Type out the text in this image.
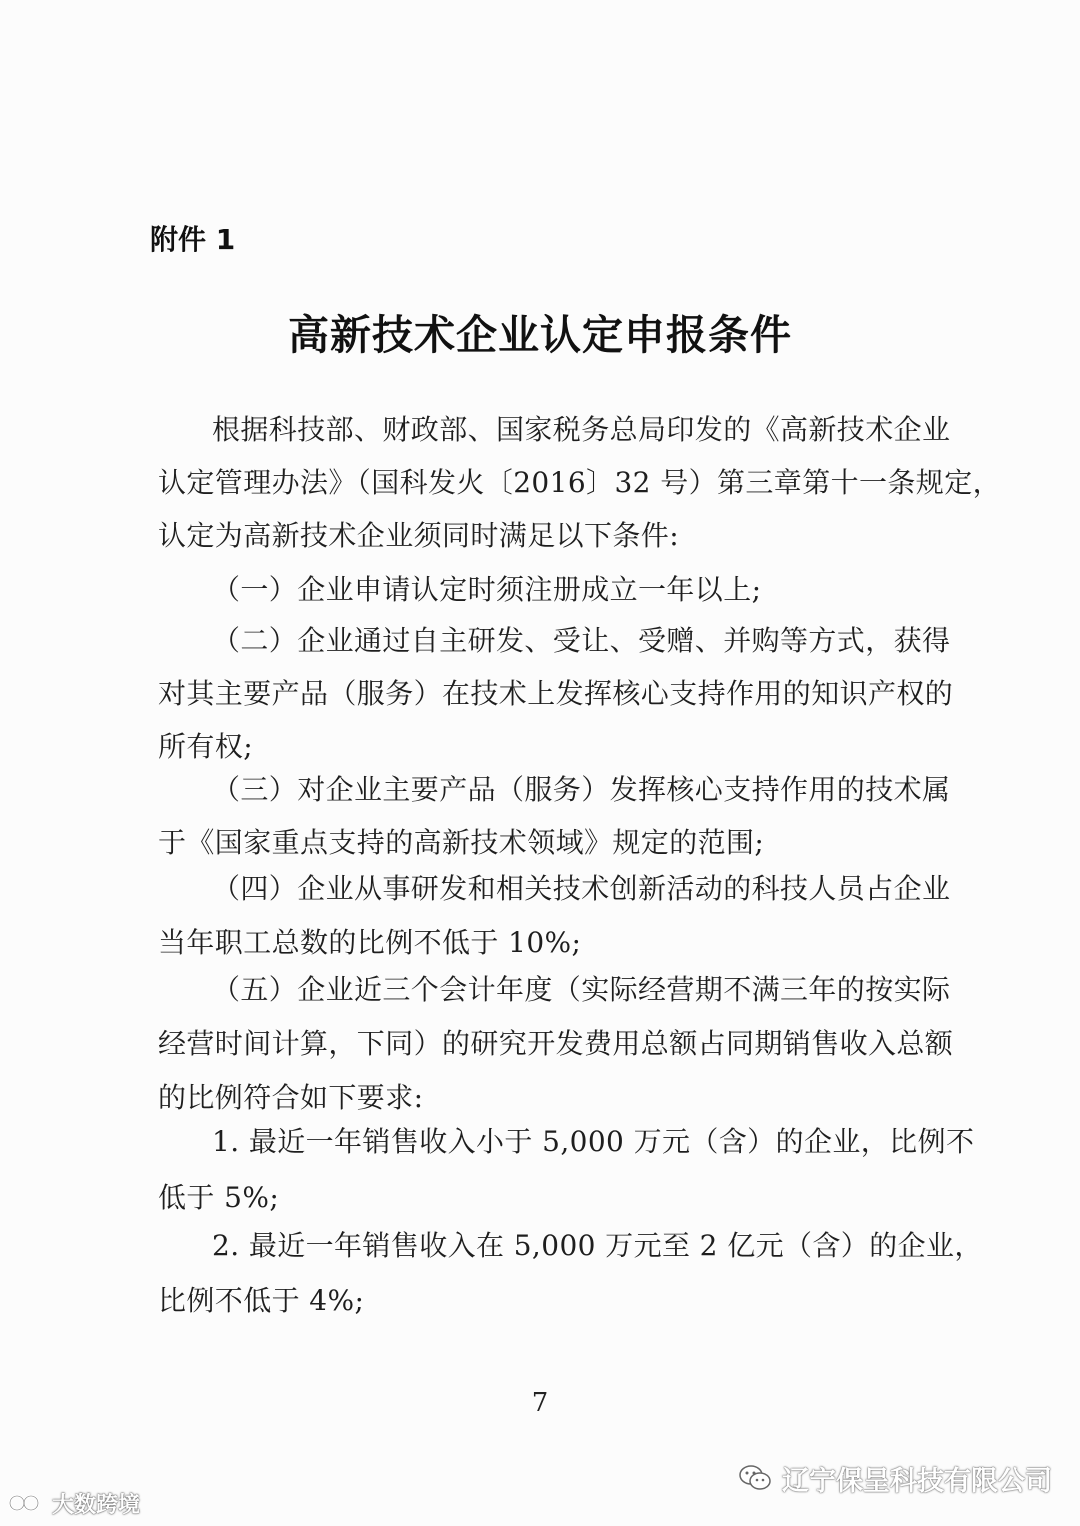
附件 1
高新技术企业认定申报条件
根据科技部、财政部、国家税务总局印发的《高新技术企业
认定管理办法》（国科发火〔2016〕32 号）第三章第十一条规定，
认定为高新技术企业须同时满足以下条件:
（一）企业申请认定时须注册成立一年以上;
（二）企业通过自主研发、受让、受赠、并购等方式，获得
对其主要产品（服务）在技术上发挥核心支持作用的知识产权的
所有权;
（三）对企业主要产品（服务）发挥核心支持作用的技术属
于《国家重点支持的高新技术领域》规定的范围;
（四）企业从事研发和相关技术创新活动的科技人员占企业
当年职工总数的比例不低于 10%;
（五）企业近三个会计年度（实际经营期不满三年的按实际
经营时间计算，下同）的研究开发费用总额占同期销售收入总额
的比例符合如下要求:
1. 最近一年销售收入小于 5,000 万元（含）的企业，比例不
低于 5%;
2. 最近一年销售收入在 5,000 万元至 2 亿元（含）的企业，
比例不低于 4%;
7
辽宁保呈科技有限公司
大数跨境
